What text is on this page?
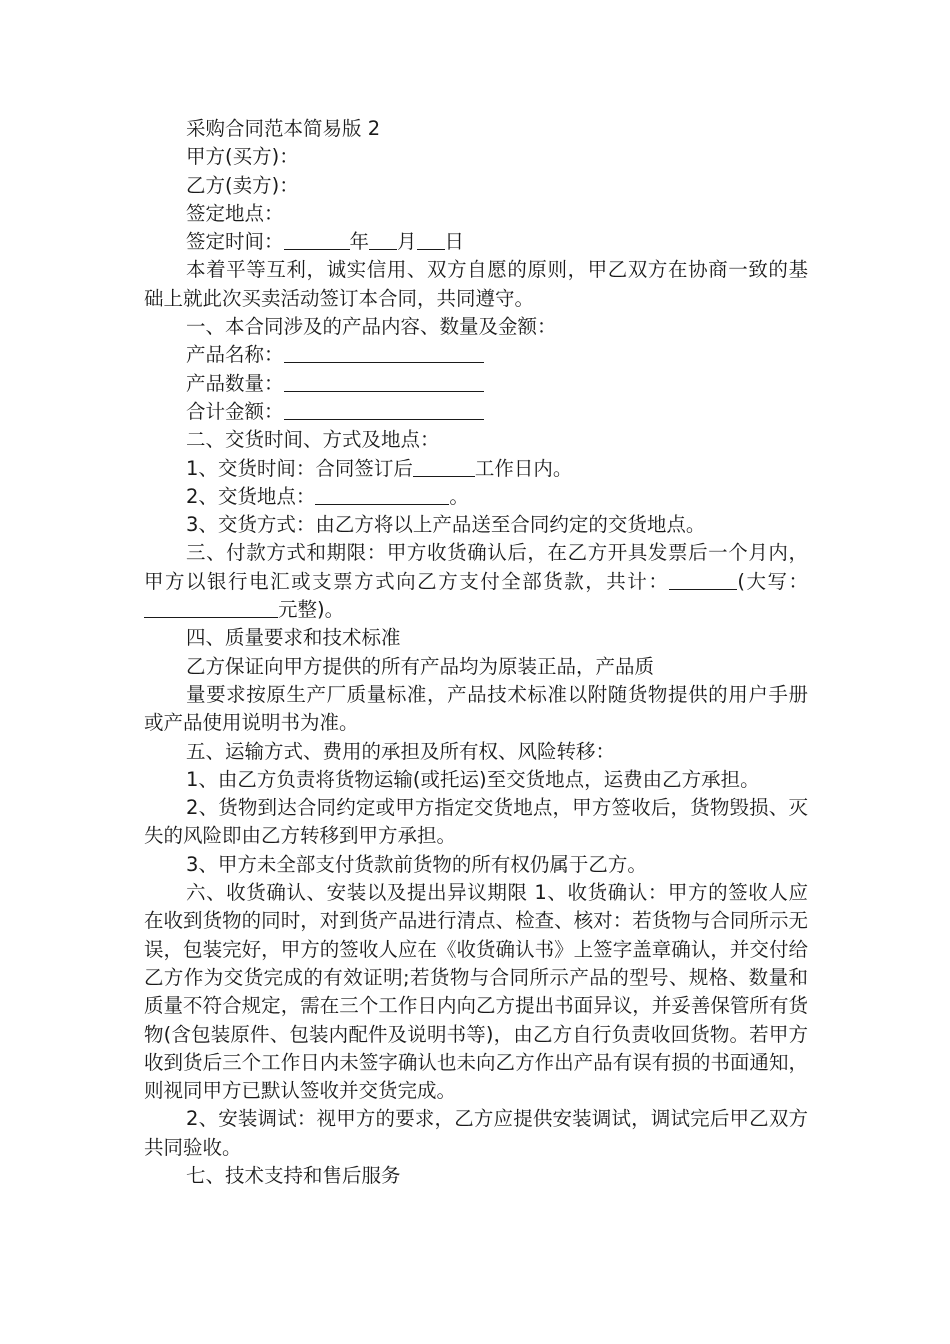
采购合同范本简易版 2

甲方(买方)：

乙方(卖方)：

签定地点：

签定时间：	年 月 日

本着平等互利，诚实信用、双方自愿的原则，甲乙双方在协商一致的基础上就此次买卖活动签订本合同，共同遵守。

一、本合同涉及的产品内容、数量及金额：

产品名称：

产品数量：

合计金额：

二、交货时间、方式及地点：

1、交货时间：合同签订后	工作日内。

2、交货地点：	。

3、交货方式：由乙方将以上产品送至合同约定的交货地点。

三、付款方式和期限：甲方收货确认后，在乙方开具发票后一个月内，甲方以银行电汇或支票方式向乙方支付全部货款，共计：	(大写：元整)。

四、质量要求和技术标准

乙方保证向甲方提供的所有产品均为原装正品，产品质

量要求按原生产厂质量标准，产品技术标准以附随货物提供的用户手册或产品使用说明书为准。

五、运输方式、费用的承担及所有权、风险转移：

1、由乙方负责将货物运输(或托运)至交货地点，运费由乙方承担。

2、货物到达合同约定或甲方指定交货地点，甲方签收后，货物毁损、灭失的风险即由乙方转移到甲方承担。

3、甲方未全部支付货款前货物的所有权仍属于乙方。

六、收货确认、安装以及提出异议期限 1、收货确认：甲方的签收人应在收到货物的同时，对到货产品进行清点、检查、核对：若货物与合同所示无误，包装完好，甲方的签收人应在《收货确认书》上签字盖章确认，并交付给乙方作为交货完成的有效证明;若货物与合同所示产品的型号、规格、数量和质量不符合规定，需在三个工作日内向乙方提出书面异议，并妥善保管所有货物(含包装原件、包装内配件及说明书等)，由乙方自行负责收回货物。若甲方收到货后三个工作日内未签字确认也未向乙方作出产品有误有损的书面通知，则视同甲方已默认签收并交货完成。

2、安装调试：视甲方的要求，乙方应提供安装调试，调试完后甲乙双方共同验收。

七、技术支持和售后服务
